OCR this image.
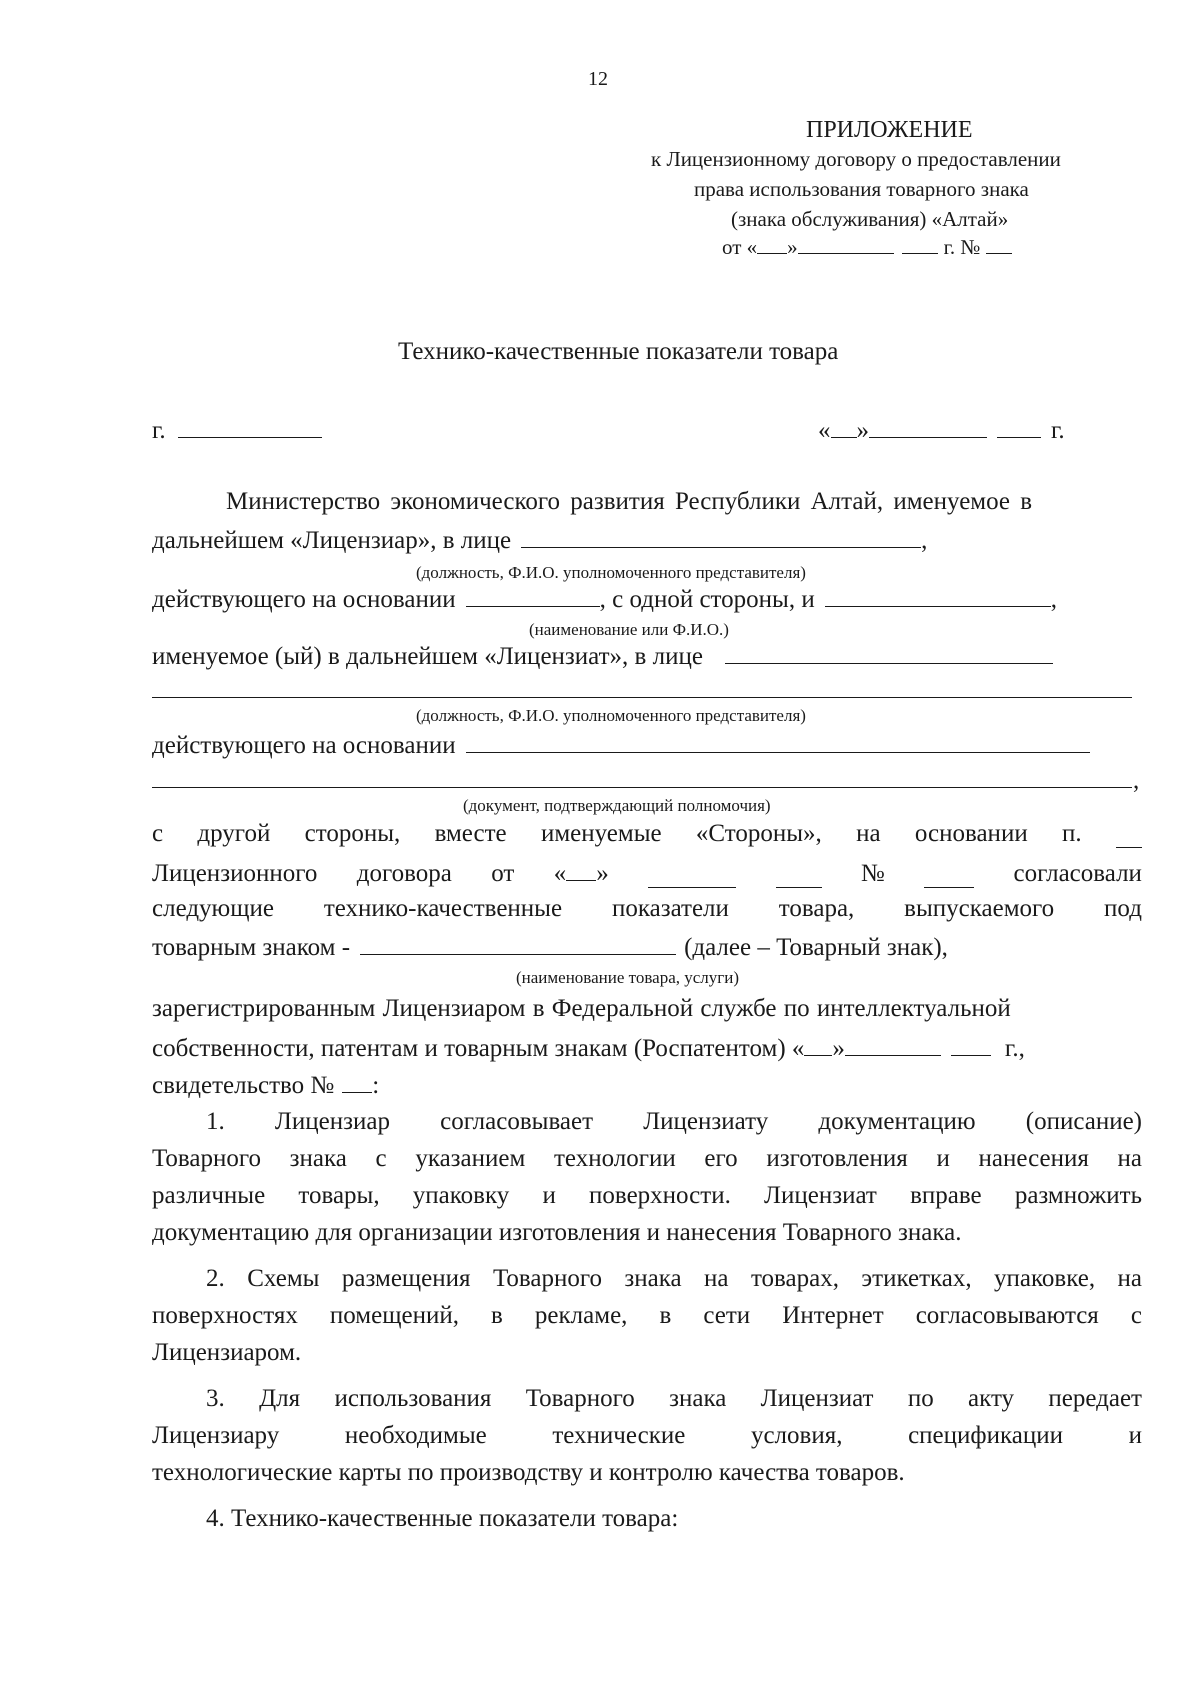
12
ПРИЛОЖЕНИЕ
к Лицензионному договору о предоставлении
права использования товарного знака
(знака обслуживания) «Алтай»
от « »	г. №
Технико-качественные показатели товара
г.	« »	г.
Министерство экономического развития Республики Алтай, именуемое в
дальнейшем «Лицензиар», в лице	,
(должность, Ф.И.О. уполномоченного представителя)
действующего на основании	, с одной стороны, и	,
(наименование или Ф.И.О.)
именуемое (ый) в дальнейшем «Лицензиат», в лице
(должность, Ф.И.О. уполномоченного представителя)
действующего на основании
,
(документ, подтверждающий полномочия)
с другой стороны, вместе именуемые «Стороны», на основании п.
Лицензионного договора от « »	№	согласовали
следующие технико-качественные показатели товара, выпускаемого под
товарным знаком -	(далее – Товарный знак),
(наименование товара, услуги)
зарегистрированным Лицензиаром в Федеральной службе по интеллектуальной
собственности, патентам и товарным знакам (Роспатентом) « »	г.,
свидетельство № :
1. Лицензиар согласовывает Лицензиату документацию (описание)
Товарного знака с указанием технологии его изготовления и нанесения на
различные товары, упаковку и поверхности. Лицензиат вправе размножить
документацию для организации изготовления и нанесения Товарного знака.
2. Схемы размещения Товарного знака на товарах, этикетках, упаковке, на
поверхностях помещений, в рекламе, в сети Интернет согласовываются с
Лицензиаром.
3. Для использования Товарного знака Лицензиат по акту передает
Лицензиару необходимые технические условия, спецификации и
технологические карты по производству и контролю качества товаров.
4. Технико-качественные показатели товара:
